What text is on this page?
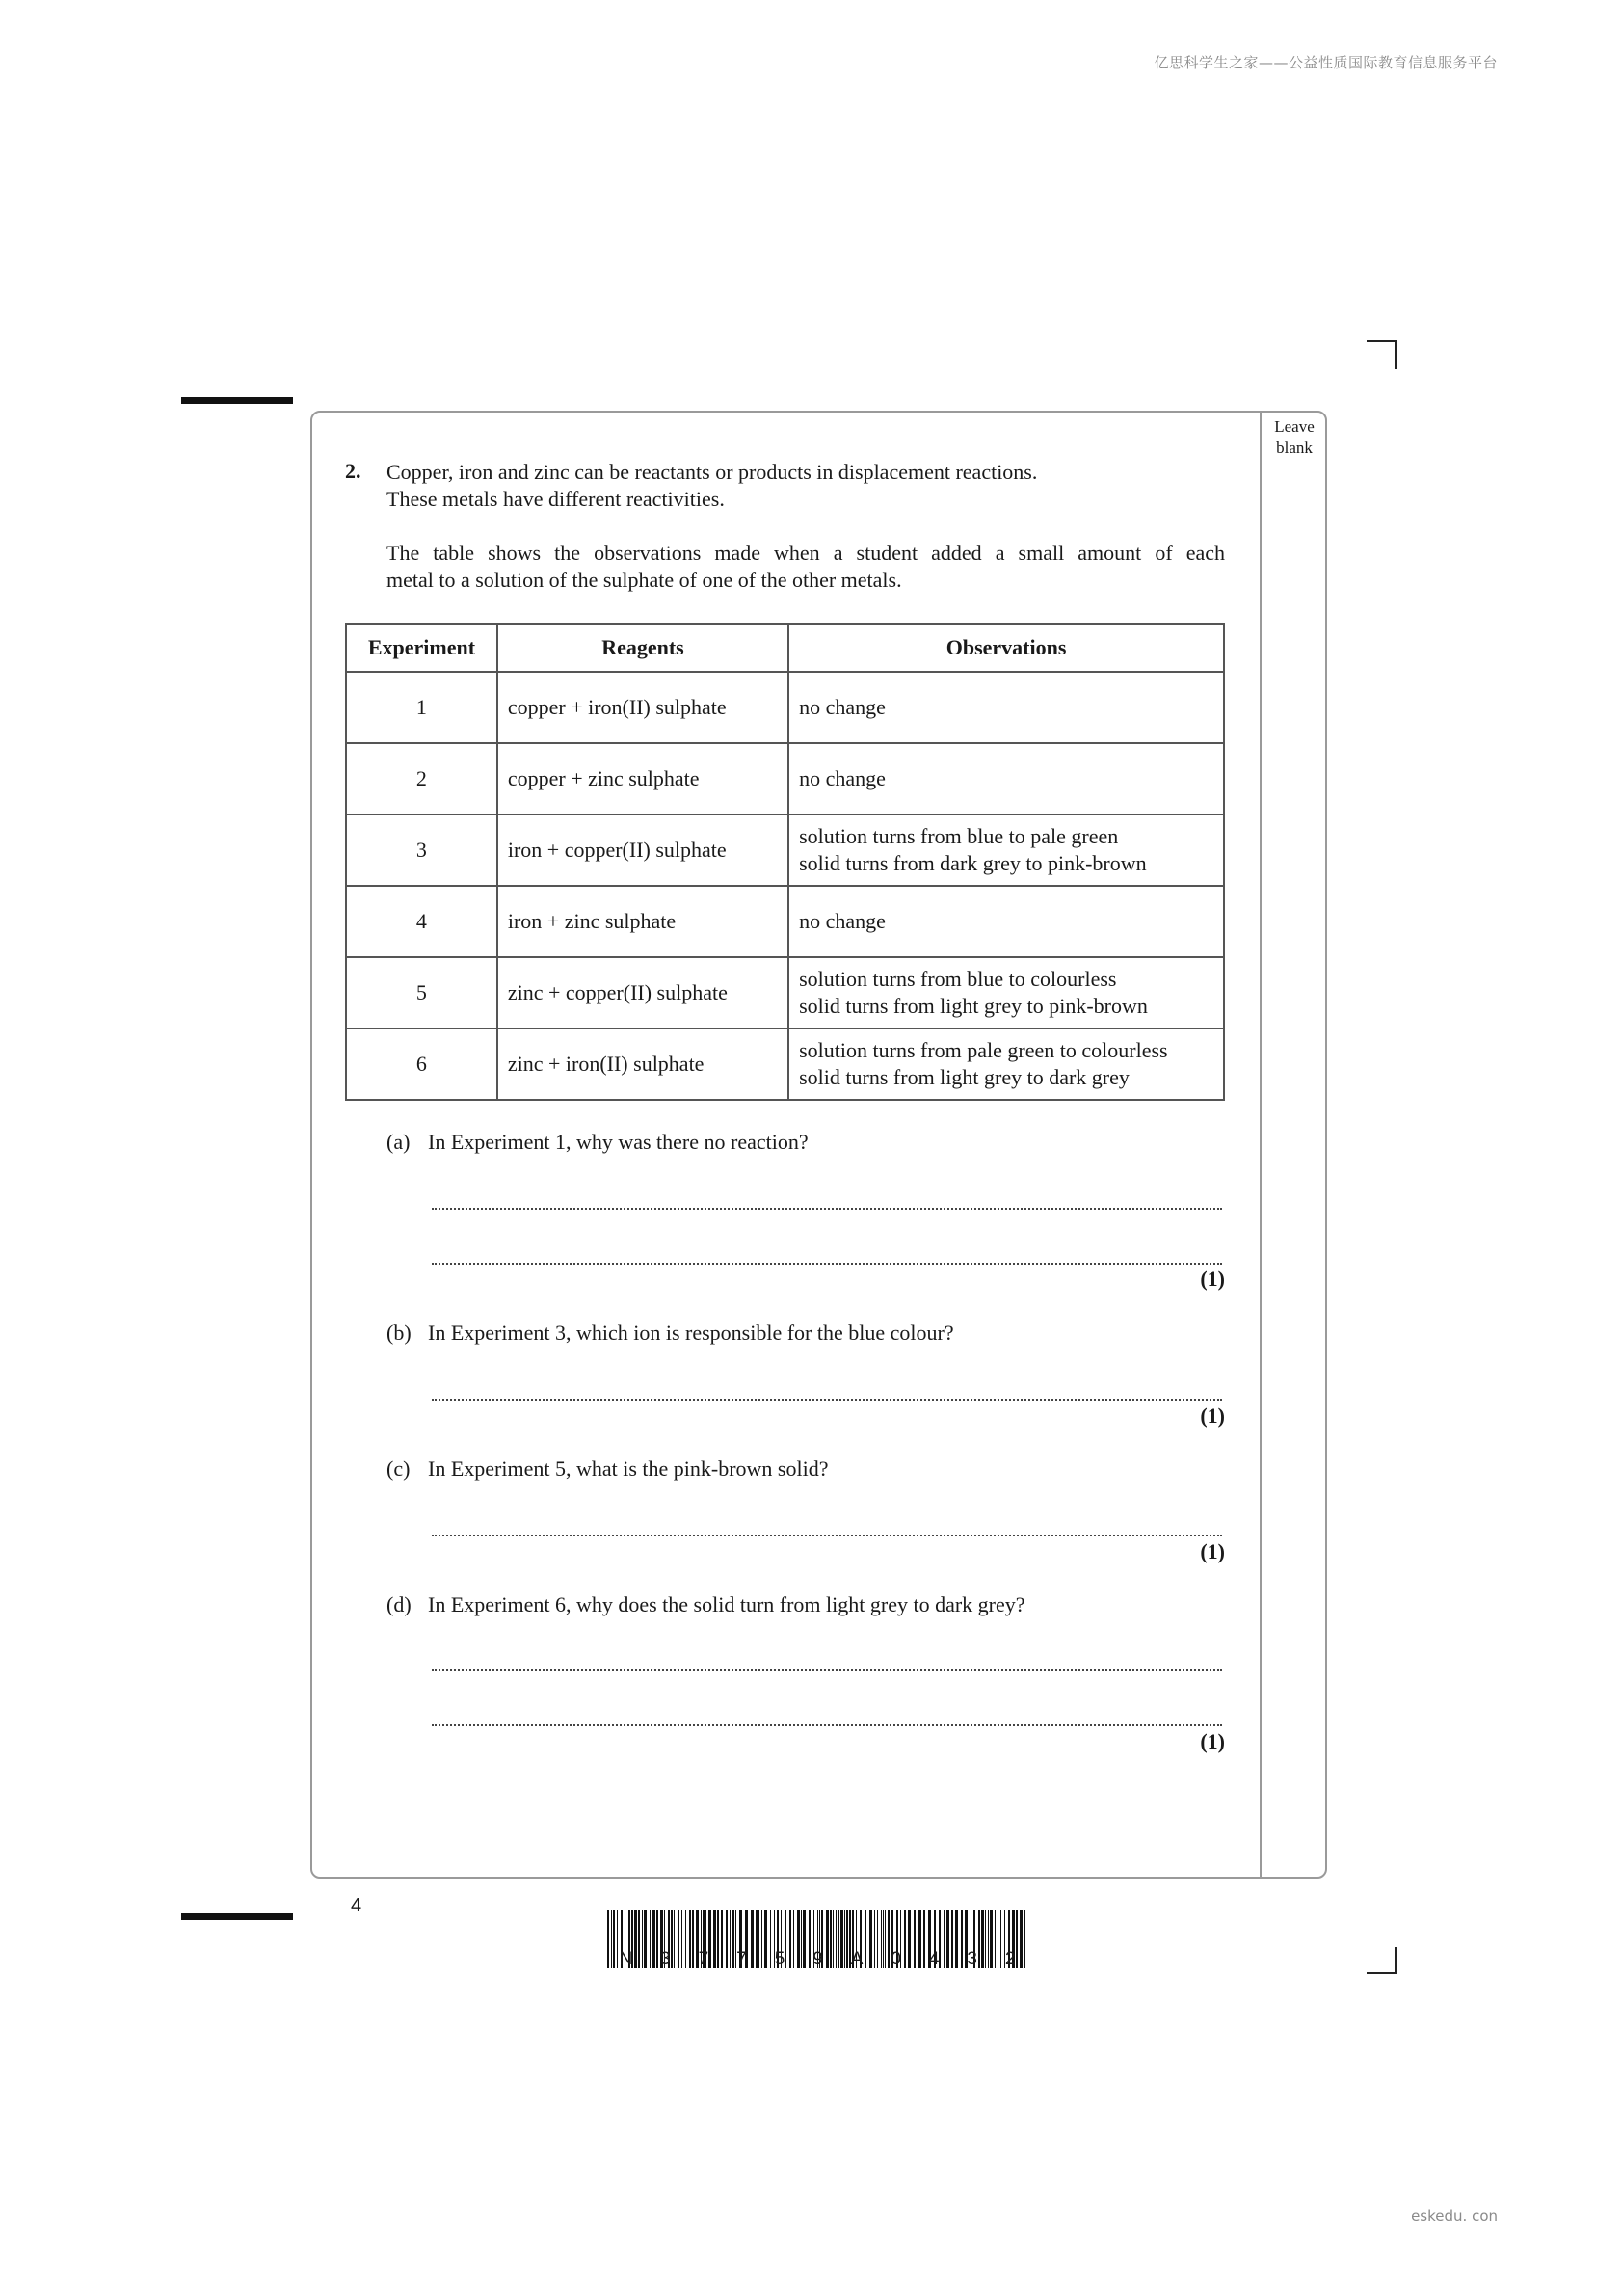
亿思科学生之家——公益性质国际教育信息服务平台
eskedu. con
Leave
blank
2. Copper, iron and zinc can be reactants or products in displacement reactions.
These metals have different reactivities.
The table shows the observations made when a student added a small amount of each
metal to a solution of the sulphate of one of the other metals.
Experiment	Reagents	Observations
1	copper + iron(II) sulphate	no change

2	copper + zinc sulphate	no change

3	iron + copper(II) sulphate	solution turns from blue to pale green
solid turns from dark grey to pink-brown

4	iron + zinc sulphate	no change

5	zinc + copper(II) sulphate	solution turns from blue to colourless
solid turns from light grey to pink-brown

6	zinc + iron(II) sulphate	solution turns from pale green to colourless
solid turns from light grey to dark grey
(a) In Experiment 1, why was there no reaction?
(1)
(b) In Experiment 3, which ion is responsible for the blue colour?
(1)
(c) In Experiment 5, what is the pink-brown solid?
(1)
(d) In Experiment 6, why does the solid turn from light grey to dark grey?
(1)
4
N 3 7 7 5 9 A 0 4 3 2
